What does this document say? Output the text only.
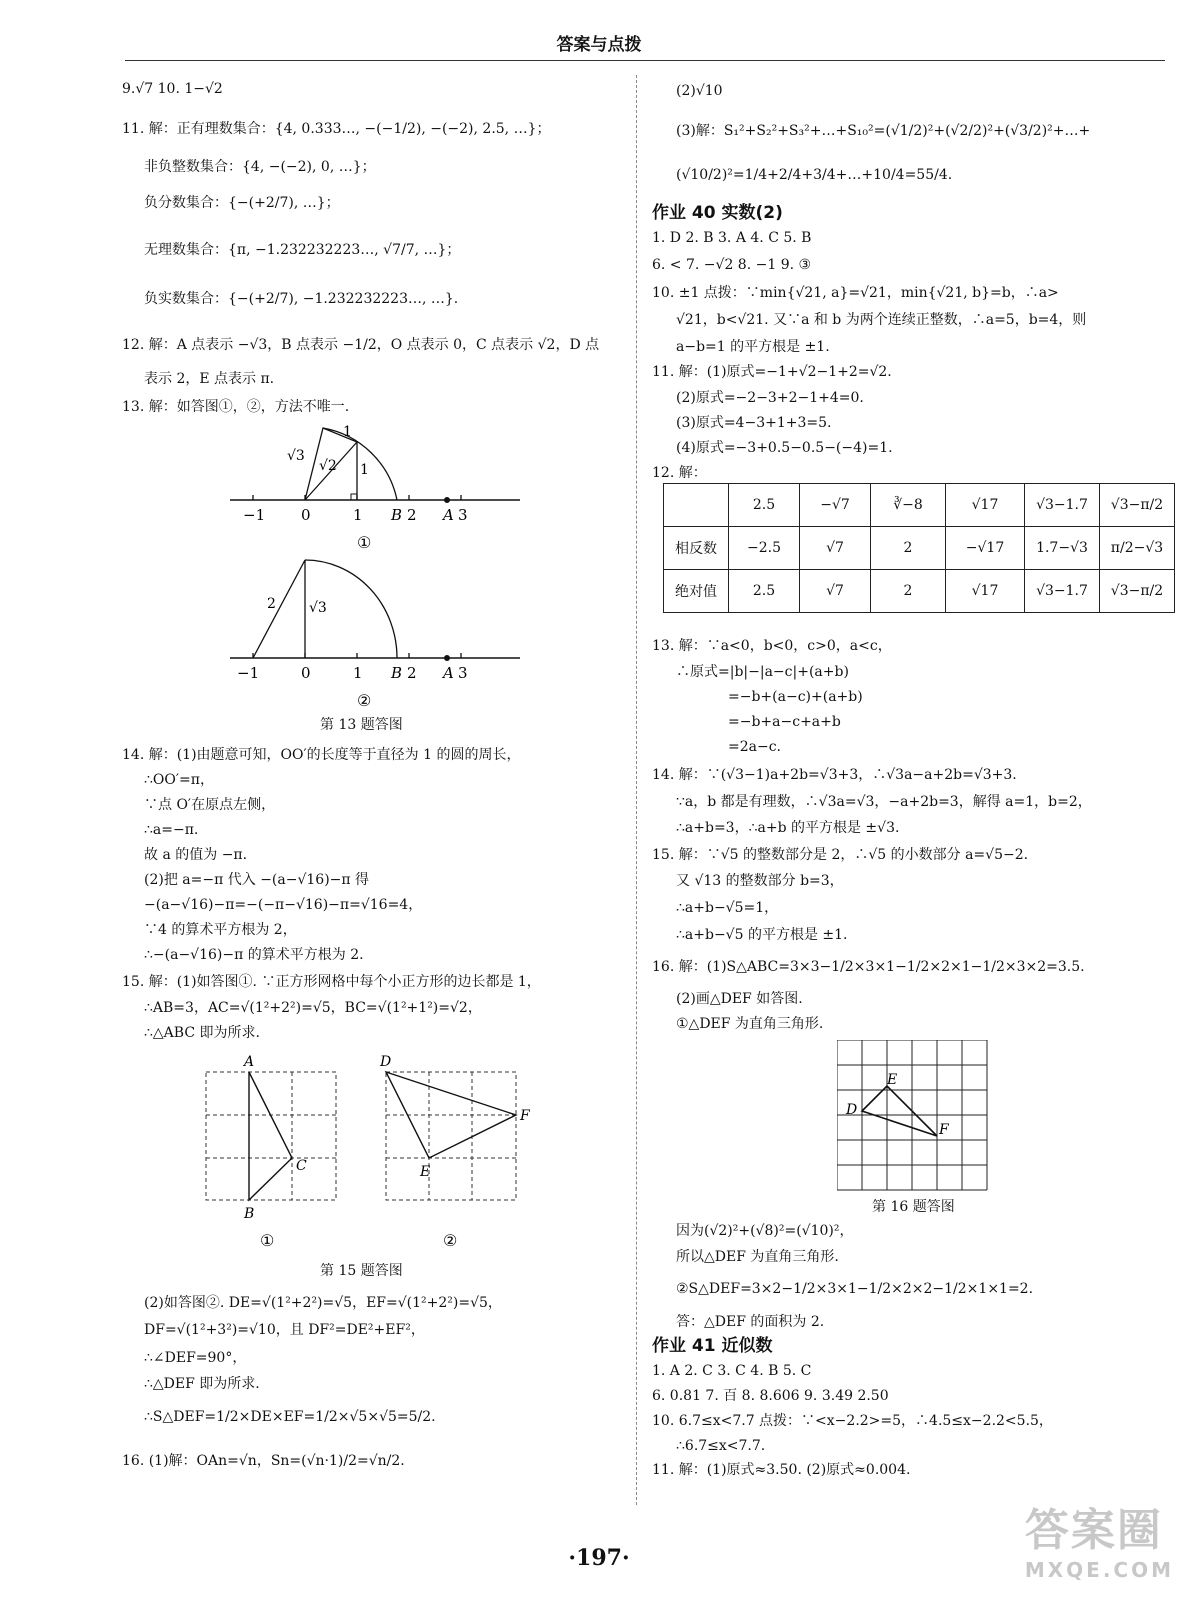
答案与点拨
9.√7 10. 1−√2
11. 解：正有理数集合：{4, 0.333…, −(−1/2), −(−2), 2.5, …}；
非负整数集合：{4, −(−2), 0, …}；
负分数集合：{−(+2/7), …}；
无理数集合：{π, −1.232232223…, √7/7, …}；
负实数集合：{−(+2/7), −1.232232223…, …}.
12. 解：A 点表示 −√3，B 点表示 −1/2，O 点表示 0，C 点表示 √2，D 点
表示 2，E 点表示 π.
13. 解：如答图①，②，方法不唯一.
第 13 题答图
14. 解：(1)由题意可知，OO′的长度等于直径为 1 的圆的周长，
∴OO′=π，
∵点 O′在原点左侧，
∴a=−π.
故 a 的值为 −π.
(2)把 a=−π 代入 −(a−√16)−π 得
−(a−√16)−π=−(−π−√16)−π=√16=4，
∵4 的算术平方根为 2，
∴−(a−√16)−π 的算术平方根为 2.
15. 解：(1)如答图①. ∵正方形网格中每个小正方形的边长都是 1，
∴AB=3，AC=√(1²+2²)=√5，BC=√(1²+1²)=√2，
∴△ABC 即为所求.
第 15 题答图
(2)如答图②. DE=√(1²+2²)=√5，EF=√(1²+2²)=√5，
DF=√(1²+3²)=√10，且 DF²=DE²+EF²，
∴∠DEF=90°，
∴△DEF 即为所求.
∴S△DEF=1/2×DE×EF=1/2×√5×√5=5/2.
16. (1)解：OAn=√n，Sn=(√n·1)/2=√n/2.
√3
√2
1
1
−1 0	1 B 2 A 3
①
2 √3
−1	0	1 B 2 A 3
②
A
B
C
D
E
F
①	②
(2)√10
(3)解：S₁²+S₂²+S₃²+…+S₁₀²=(√1/2)²+(√2/2)²+(√3/2)²+…+
(√10/2)²=1/4+2/4+3/4+…+10/4=55/4.
作业 40 实数(2)
1. D 2. B 3. A 4. C 5. B
6. < 7. −√2 8. −1 9. ③
10. ±1 点拨：∵min{√21, a}=√21，min{√21, b}=b，∴a>
√21，b<√21. 又∵a 和 b 为两个连续正整数，∴a=5，b=4，则
a−b=1 的平方根是 ±1.
11. 解：(1)原式=−1+√2−1+2=√2.
(2)原式=−2−3+2−1+4=0.
(3)原式=4−3+1+3=5.
(4)原式=−3+0.5−0.5−(−4)=1.
12. 解：
13. 解：∵a<0，b<0，c>0，a<c，
∴原式=|b|−|a−c|+(a+b)
=−b+(a−c)+(a+b)
=−b+a−c+a+b
=2a−c.
14. 解：∵(√3−1)a+2b=√3+3，∴√3a−a+2b=√3+3.
∵a，b 都是有理数，∴√3a=√3，−a+2b=3，解得 a=1，b=2，
∴a+b=3，∴a+b 的平方根是 ±√3.
15. 解：∵√5 的整数部分是 2，∴√5 的小数部分 a=√5−2.
又 √13 的整数部分 b=3，
∴a+b−√5=1，
∴a+b−√5 的平方根是 ±1.
16. 解：(1)S△ABC=3×3−1/2×3×1−1/2×2×1−1/2×3×2=3.5.
(2)画△DEF 如答图.
①△DEF 为直角三角形.
第 16 题答图
因为(√2)²+(√8)²=(√10)²，
所以△DEF 为直角三角形.
②S△DEF=3×2−1/2×3×1−1/2×2×2−1/2×1×1=2.
答：△DEF 的面积为 2.
作业 41 近似数
1. A 2. C 3. C 4. B 5. C
6. 0.81 7. 百 8. 8.606 9. 3.49 2.50
10. 6.7≤x<7.7 点拨：∵<x−2.2>=5，∴4.5≤x−2.2<5.5，
∴6.7≤x<7.7.
11. 解：(1)原式≈3.50. (2)原式≈0.004.
	2.5	−√7	∛−8	√17	√3−1.7	√3−π/2
相反数	−2.5	√7	2	−√17	1.7−√3	π/2−√3
绝对值	2.5	√7	2	√17	√3−1.7	√3−π/2
D
E
F
·197·
答案圈
MXQE.COM
